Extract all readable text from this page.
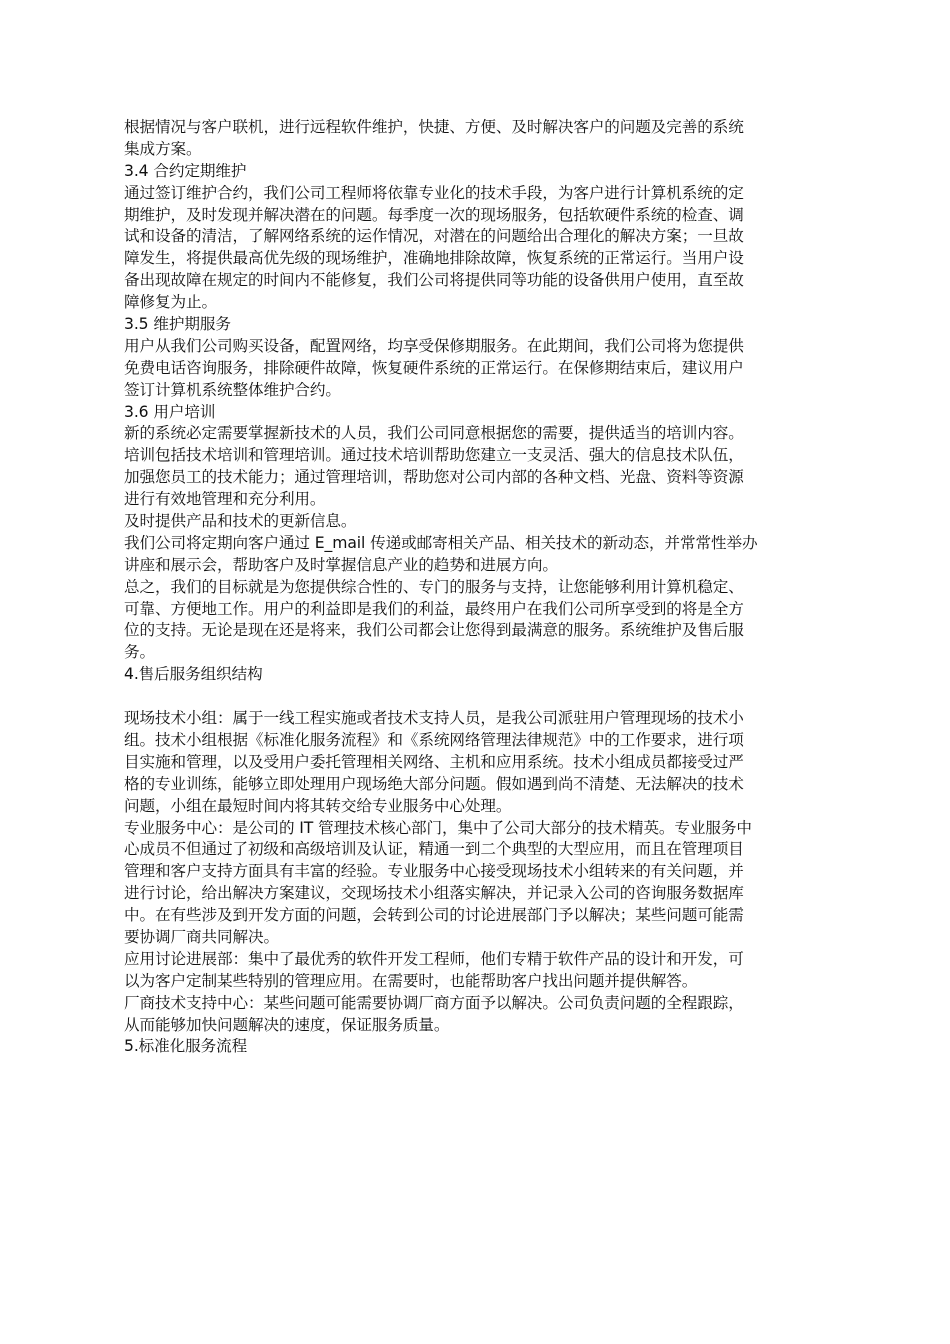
根据情况与客户联机，进行远程软件维护，快捷、方便、及时解决客户的问题及完善的系统
集成方案。
3.4 合约定期维护
通过签订维护合约，我们公司工程师将依靠专业化的技术手段，为客户进行计算机系统的定
期维护，及时发现并解决潜在的问题。每季度一次的现场服务，包括软硬件系统的检查、调
试和设备的清洁，了解网络系统的运作情况，对潜在的问题给出合理化的解决方案；一旦故
障发生，将提供最高优先级的现场维护，准确地排除故障，恢复系统的正常运行。当用户设
备出现故障在规定的时间内不能修复，我们公司将提供同等功能的设备供用户使用，直至故
障修复为止。
3.5 维护期服务
用户从我们公司购买设备，配置网络，均享受保修期服务。在此期间，我们公司将为您提供
免费电话咨询服务，排除硬件故障，恢复硬件系统的正常运行。在保修期结束后，建议用户
签订计算机系统整体维护合约。
3.6 用户培训
新的系统必定需要掌握新技术的人员，我们公司同意根据您的需要，提供适当的培训内容。
培训包括技术培训和管理培训。通过技术培训帮助您建立一支灵活、强大的信息技术队伍，
加强您员工的技术能力；通过管理培训，帮助您对公司内部的各种文档、光盘、资料等资源
进行有效地管理和充分利用。
及时提供产品和技术的更新信息。
我们公司将定期向客户通过 E_mail 传递或邮寄相关产品、相关技术的新动态，并常常性举办
讲座和展示会，帮助客户及时掌握信息产业的趋势和进展方向。
总之，我们的目标就是为您提供综合性的、专门的服务与支持，让您能够利用计算机稳定、
可靠、方便地工作。用户的利益即是我们的利益，最终用户在我们公司所享受到的将是全方
位的支持。无论是现在还是将来，我们公司都会让您得到最满意的服务。系统维护及售后服
务。
4.售后服务组织结构
现场技术小组：属于一线工程实施或者技术支持人员，是我公司派驻用户管理现场的技术小
组。技术小组根据《标准化服务流程》和《系统网络管理法律规范》中的工作要求，进行项
目实施和管理，以及受用户委托管理相关网络、主机和应用系统。技术小组成员都接受过严
格的专业训练，能够立即处理用户现场绝大部分问题。假如遇到尚不清楚、无法解决的技术
问题，小组在最短时间内将其转交给专业服务中心处理。
专业服务中心：是公司的 IT 管理技术核心部门，集中了公司大部分的技术精英。专业服务中
心成员不但通过了初级和高级培训及认证，精通一到二个典型的大型应用，而且在管理项目
管理和客户支持方面具有丰富的经验。专业服务中心接受现场技术小组转来的有关问题，并
进行讨论，给出解决方案建议，交现场技术小组落实解决，并记录入公司的咨询服务数据库
中。在有些涉及到开发方面的问题，会转到公司的讨论进展部门予以解决；某些问题可能需
要协调厂商共同解决。
应用讨论进展部：集中了最优秀的软件开发工程师，他们专精于软件产品的设计和开发，可
以为客户定制某些特别的管理应用。在需要时，也能帮助客户找出问题并提供解答。
厂商技术支持中心：某些问题可能需要协调厂商方面予以解决。公司负责问题的全程跟踪，
从而能够加快问题解决的速度，保证服务质量。
5.标准化服务流程
